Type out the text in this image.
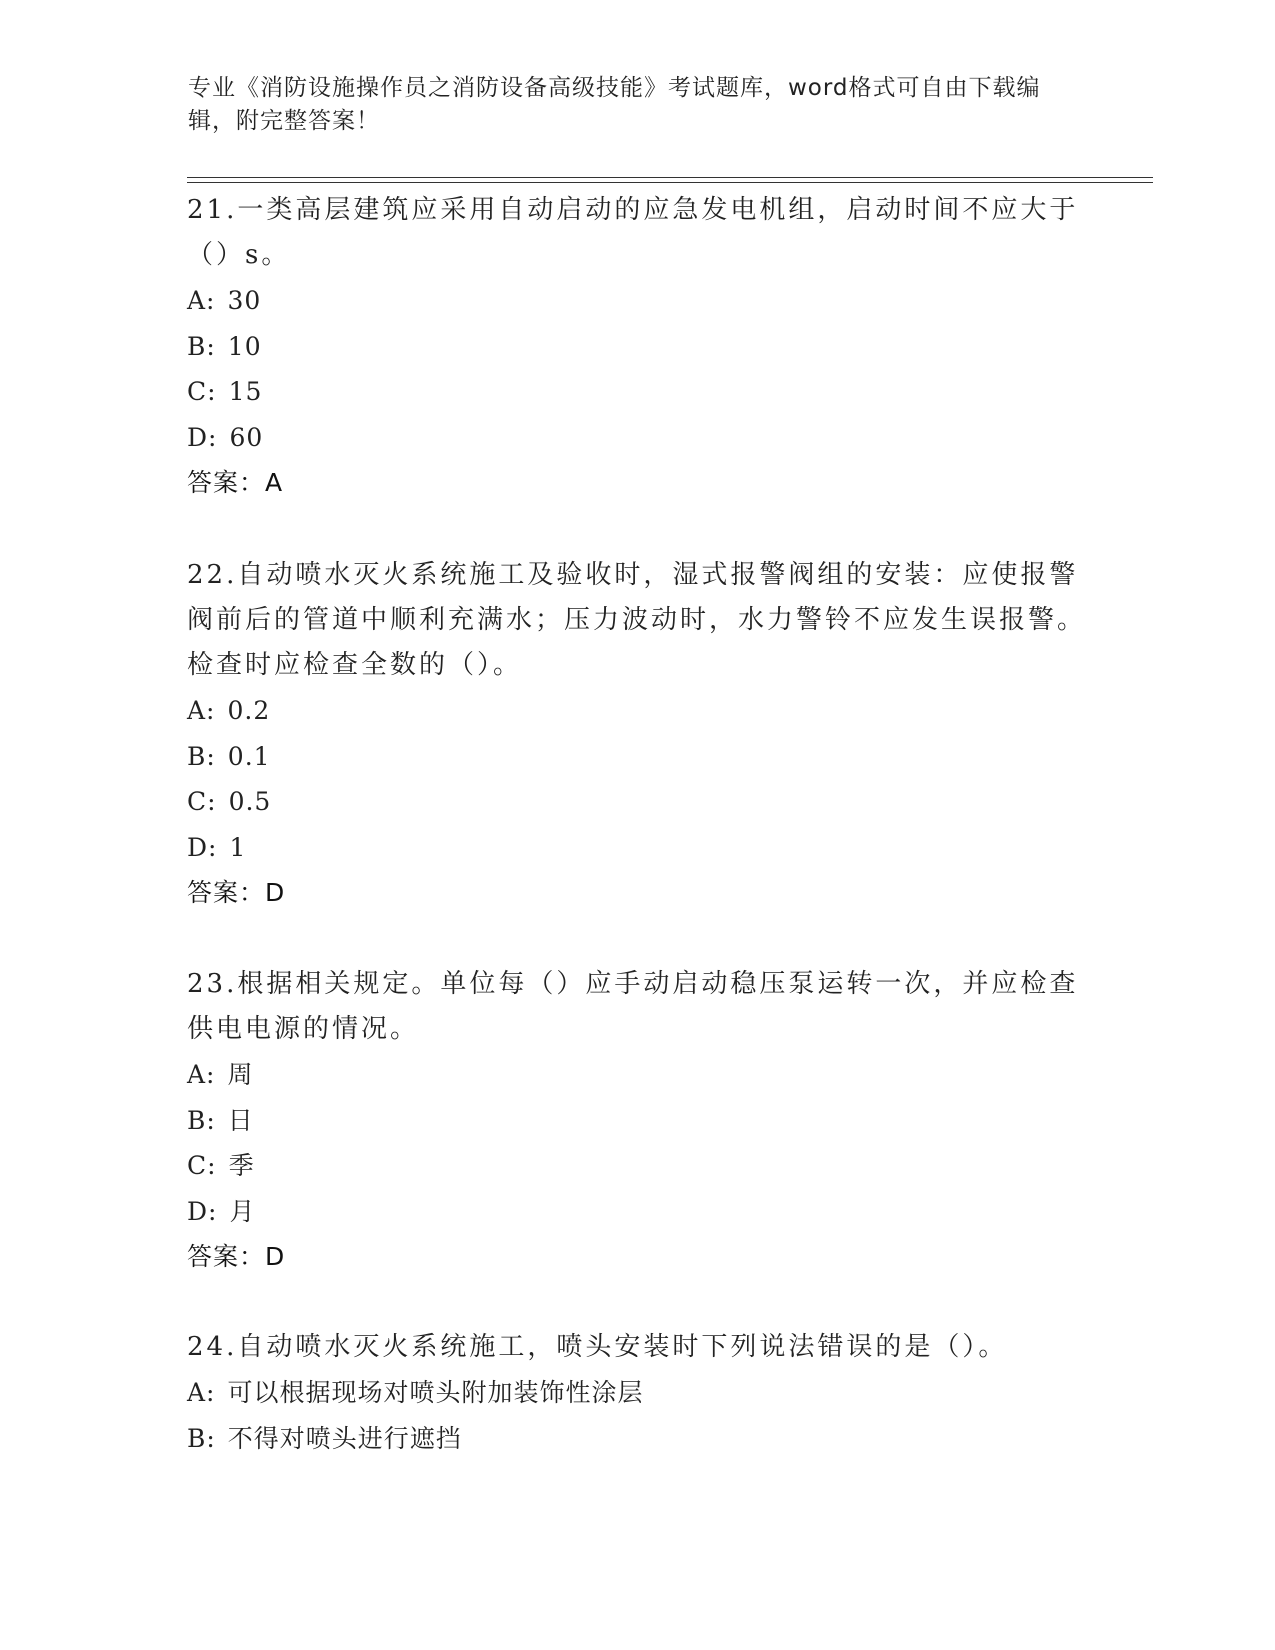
专业《消防设施操作员之消防设备高级技能》考试题库，word格式可自由下载编辑，附完整答案！

21.一类高层建筑应采用自动启动的应急发电机组，启动时间不应大于（）s。

A: 30

B: 10

C: 15

D: 60

答案：A

22.自动喷水灭火系统施工及验收时，湿式报警阀组的安装：应使报警阀前后的管道中顺利充满水；压力波动时，水力警铃不应发生误报警。检查时应检查全数的（）。

A: 0.2

B: 0.1

C: 0.5

D: 1

答案：D

23.根据相关规定。单位每（）应手动启动稳压泵运转一次，并应检查供电电源的情况。

A: 周

B: 日

C: 季

D: 月

答案：D

24.自动喷水灭火系统施工，喷头安装时下列说法错误的是（）。

A: 可以根据现场对喷头附加装饰性涂层

B: 不得对喷头进行遮挡
